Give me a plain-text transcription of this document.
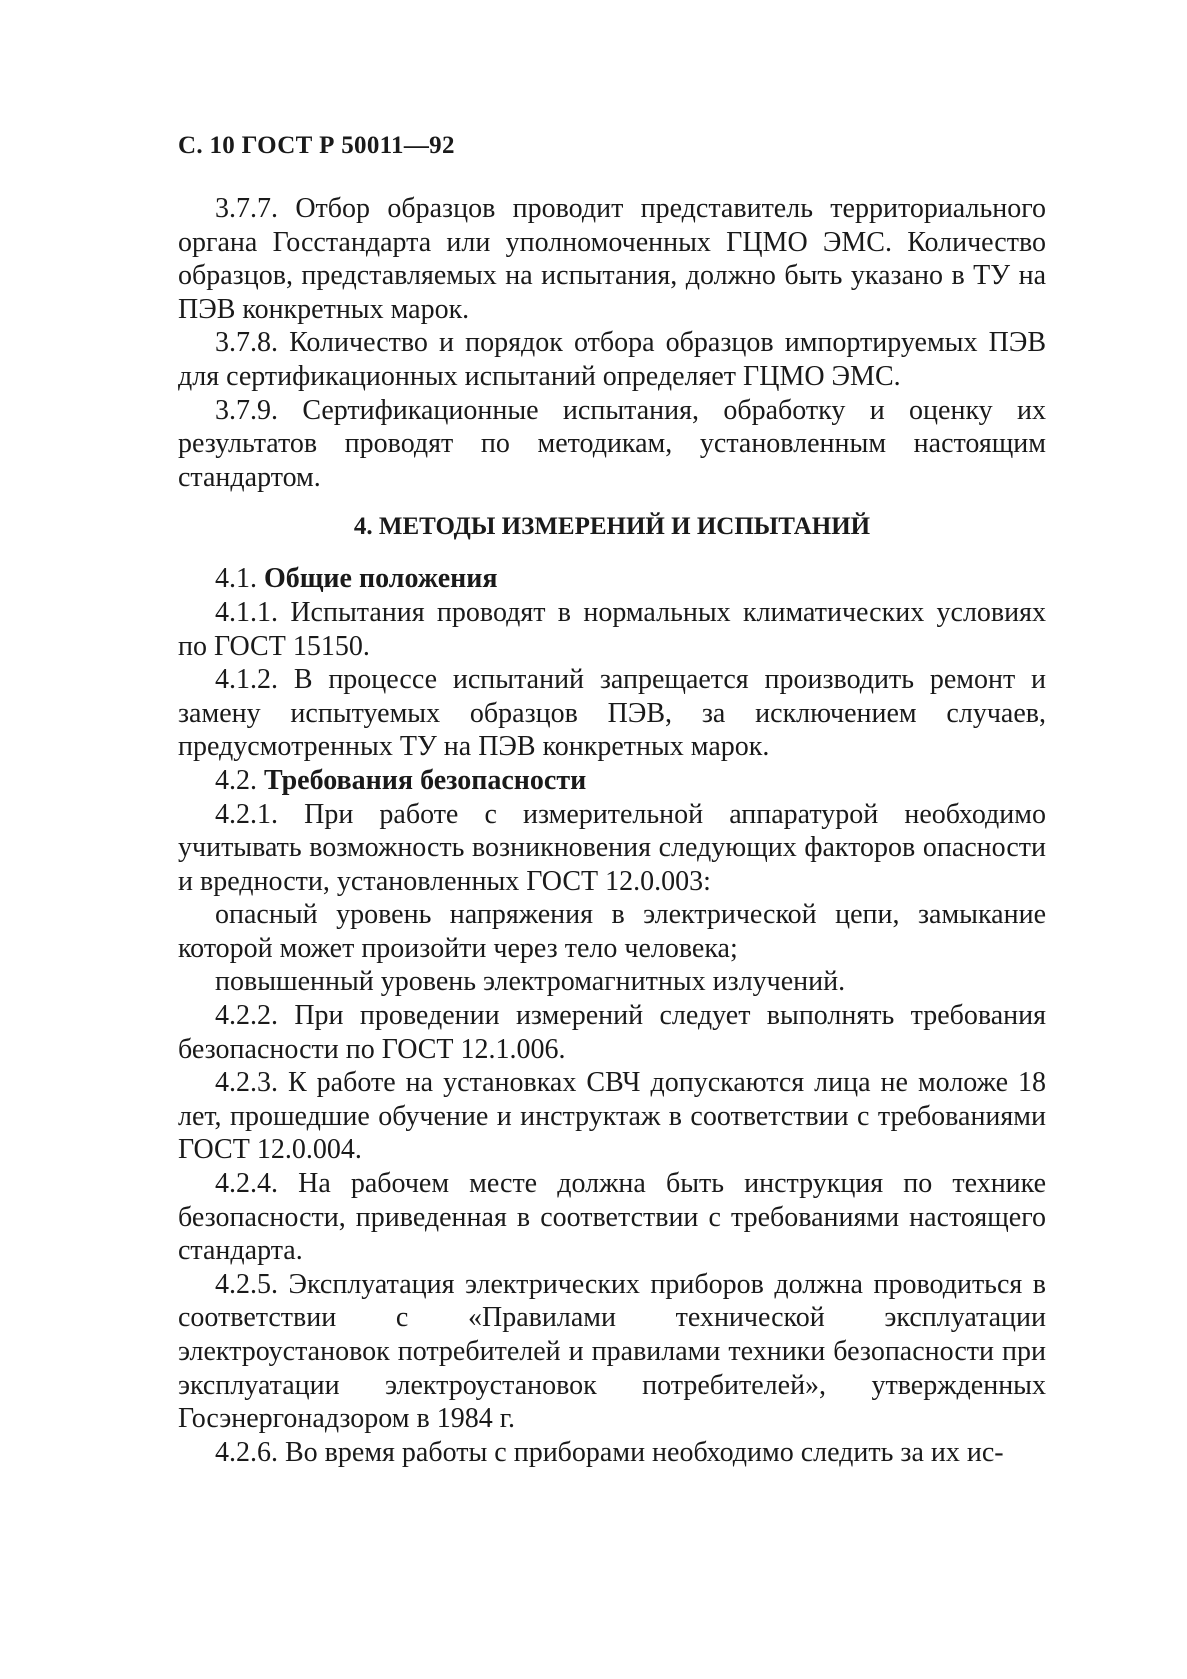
С. 10 ГОСТ Р 50011—92

3.7.7. Отбор образцов проводит представитель территориального органа Госстандарта или уполномоченных ГЦМО ЭМС. Количество образцов, представляемых на испытания, должно быть указано в ТУ на ПЭВ конкретных марок.

3.7.8. Количество и порядок отбора образцов импортируемых ПЭВ для сертификационных испытаний определяет ГЦМО ЭМС.

3.7.9. Сертификационные испытания, обработку и оценку их результатов проводят по методикам, установленным настоящим стандартом.

4. МЕТОДЫ ИЗМЕРЕНИЙ И ИСПЫТАНИЙ

4.1. Общие положения

4.1.1. Испытания проводят в нормальных климатических условиях по ГОСТ 15150.

4.1.2. В процессе испытаний запрещается производить ремонт и замену испытуемых образцов ПЭВ, за исключением случаев, предусмотренных ТУ на ПЭВ конкретных марок.

4.2. Требования безопасности

4.2.1. При работе с измерительной аппаратурой необходимо учитывать возможность возникновения следующих факторов опасности и вредности, установленных ГОСТ 12.0.003:

опасный уровень напряжения в электрической цепи, замыкание которой может произойти через тело человека;

повышенный уровень электромагнитных излучений.

4.2.2. При проведении измерений следует выполнять требования безопасности по ГОСТ 12.1.006.

4.2.3. К работе на установках СВЧ допускаются лица не моложе 18 лет, прошедшие обучение и инструктаж в соответствии с требованиями ГОСТ 12.0.004.

4.2.4. На рабочем месте должна быть инструкция по технике безопасности, приведенная в соответствии с требованиями настоящего стандарта.

4.2.5. Эксплуатация электрических приборов должна проводиться в соответствии с «Правилами технической эксплуатации электроустановок потребителей и правилами техники безопасности при эксплуатации электроустановок потребителей», утвержденных Госэнергонадзором в 1984 г.

4.2.6. Во время работы с приборами необходимо следить за их ис-
